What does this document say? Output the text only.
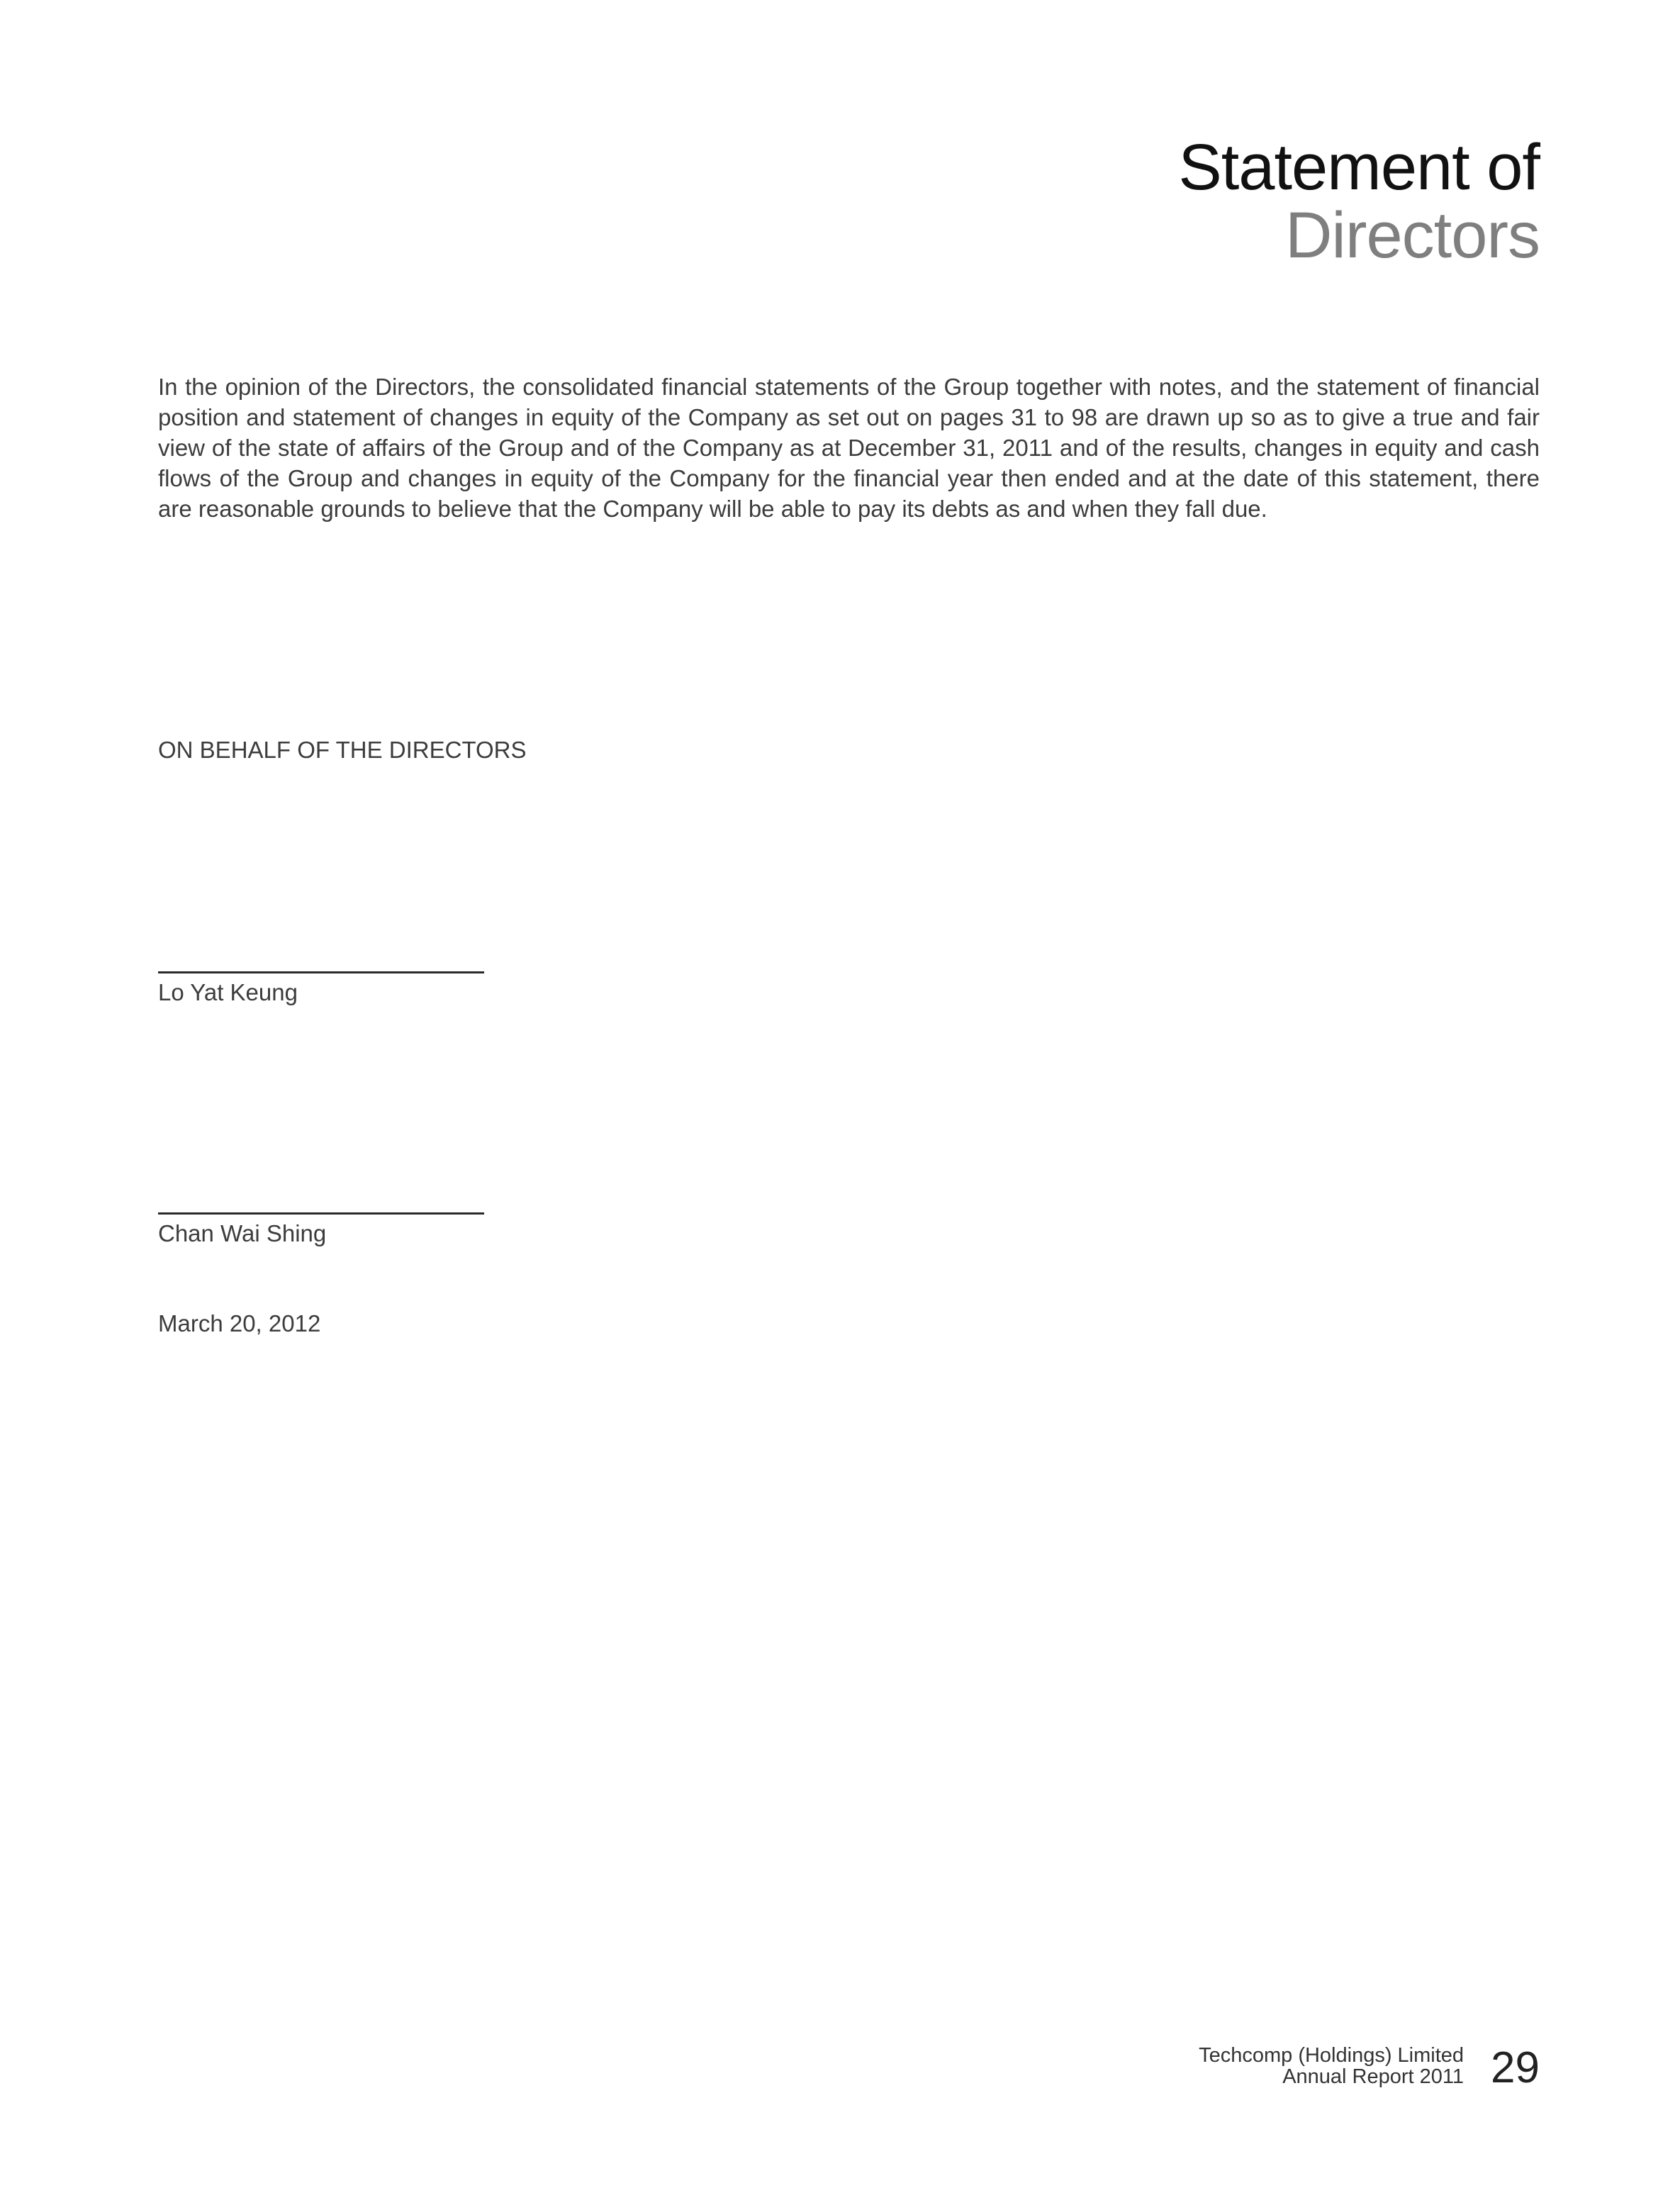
Statement of
Directors

In the opinion of the Directors, the consolidated financial statements of the Group together with notes, and the statement of financial position and statement of changes in equity of the Company as set out on pages 31 to 98 are drawn up so as to give a true and fair view of the state of affairs of the Group and of the Company as at December 31, 2011 and of the results, changes in equity and cash flows of the Group and changes in equity of the Company for the financial year then ended and at the date of this statement, there are reasonable grounds to believe that the Company will be able to pay its debts as and when they fall due.

ON BEHALF OF THE DIRECTORS
Lo Yat Keung
Chan Wai Shing
March 20, 2012
Techcomp (Holdings) Limited
Annual Report 2011 29
